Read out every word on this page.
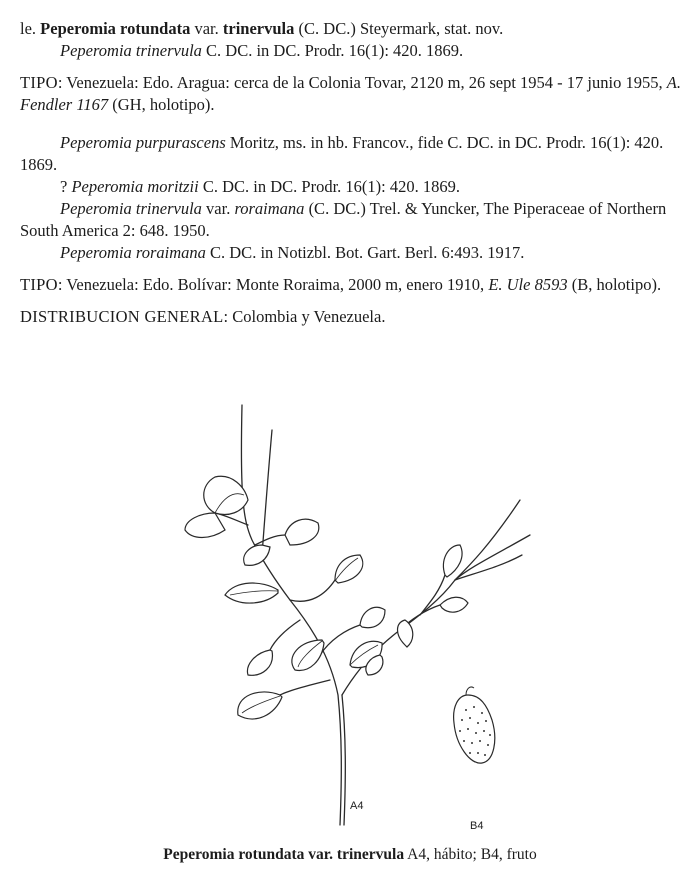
le. Peperomia rotundata var. trinervula (C. DC.) Steyermark, stat. nov.

Peperomia trinervula C. DC. in DC. Prodr. 16(1): 420. 1869.

TIPO: Venezuela: Edo. Aragua: cerca de la Colonia Tovar, 2120 m, 26 sept 1954 - 17 junio 1955, A. Fendler 1167 (GH, holotipo).

Peperomia purpurascens Moritz, ms. in hb. Francov., fide C. DC. in DC. Prodr. 16(1): 420. 1869.

? Peperomia moritzii C. DC. in DC. Prodr. 16(1): 420. 1869.

Peperomia trinervula var. roraimana (C. DC.) Trel. & Yuncker, The Piperaceae of Northern South America 2: 648. 1950.

Peperomia roraimana C. DC. in Notizbl. Bot. Gart. Berl. 6:493. 1917.

TIPO: Venezuela: Edo. Bolívar: Monte Roraima, 2000 m, enero 1910, E. Ule 8593 (B, holotipo).

DISTRIBUCION GENERAL: Colombia y Venezuela.

A4
B4
Peperomia rotundata var. trinervula A4, hábito; B4, fruto
